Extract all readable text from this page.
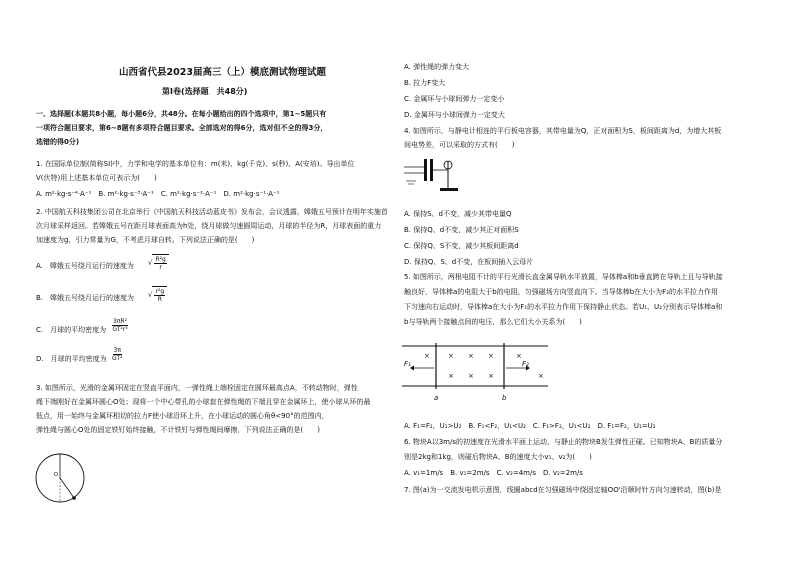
山西省代县2023届高三（上）模底测试物理试题
第Ⅰ卷(选择题　共48分)
一、选择题(本题共8小题，每小题6分，共48分。在每小题给出的四个选项中，第1~5题只有
一项符合题目要求，第6~8题有多项符合题目要求。全部选对的得6分，选对但不全的得3分，
选错的得0分)
1. 在国际单位制(简称SI)中，力学和电学的基本单位有：m(米)、kg(千克)、s(秒)、A(安培)。导出单位
V(伏特)用上述基本单位可表示为(　　)
A. m²·kg·s⁻⁴·A⁻¹　B. m²·kg·s⁻³·A⁻¹　C. m²·kg·s⁻²·A⁻¹　D. m²·kg·s⁻¹·A⁻¹
2. 中国航天科技集团公司在北京举行《中国航天科技活动蓝皮书》发布会，会议透露，嫦娥五号预计在明年实施首
次月球采样返回。若嫦娥五号在距月球表面高为h处，绕月球做匀速圆周运动，月球的半径为R，月球表面的重力
加速度为g，引力常量为G，不考虑月球自转。下列说法正确的是(　　)
A.　嫦娥五号绕月运行的速度为 √ $\frac{\text{R²g}}{r}$
B.　嫦娥五号绕月运行的速度为 √ $\frac{\text{r²g}}{R}$
C.　月球的平均密度为 $\frac{\text{3πR²}}{\text{GT²r³}}$
D.　月球的平均密度为 $\frac{3\pi}{\text{GT²}}$
3. 如图所示，光滑的金属环固定在竖直平面内，一弹性绳上端栓固定在圆环最高点A，不转动物时，弹性
绳下端刚好在金属环圆心O处；现将一个中心带孔的小球套在弹性绳的下端且穿在金属环上，使小球从环的最
低点，用一始终与金属环相切的拉力F使小球沿环上升，在小球运动的圆心角θ<90°的范围内，
弹性绳与圆心O处的固定铁钉始终接触，不计铁钉与弹性绳间摩擦，下列说法正确的是(　　)
O
A. 弹性绳的弹力变大
B. 拉力F变大
C. 金属环与小球间弹力一定变小
D. 金属环与小球间弹力一定变大
4. 如图所示，与静电计相连的平行板电容器，其带电量为Q，正对面积为S，板间距离为d，为增大其板
间电势差，可以采取的方式有(　　)
A. 保持S、d不变，减少其带电量Q
B. 保持Q、d不变，减少其正对面积S
C. 保持Q、S不变，减少其板间距离d
D. 保持Q、S、d不变，在板间插入云母片
5. 如图所示，两根电阻不计的平行光滑长直金属导轨水平放置，导体棒a和b垂直跨在导轨上且与导轨接
触良好，导体棒a的电阻大于b的电阻，匀强磁场方向竖直向下。当导体棒b在大小为F₂的水平拉力作用
下匀速向右运动时，导体棒a在大小为F₁的水平拉力作用下保持静止状态。若U₁、U₂分别表示导体棒a和
b与导轨两个接触点间的电压，那么它们大小关系为(　　)
×	× × ×	×
× × ×	×
F₁	F₂
a	b
A. F₁=F₂，U₁>U₂　B. F₁<F₂，U₁<U₂　C. F₁>F₂，U₁<U₂　D. F₁=F₂，U₁=U₂
6. 物块A以3m/s的初速度在光滑水平面上运动，与静止的物块B发生弹性正碰。已知物块A、B的质量分
别是2kg和1kg，则碰后物块A、B的速度大小v₁、v₂为(　　)
A. v₁=1m/s　B. v₁=2m/s　C. v₂=4m/s　D. v₂=2m/s
7. 图(a)为一交流发电机示意图，线圈abcd在匀强磁场中绕固定轴OO'沿顺时针方向匀速转动，图(b)是
